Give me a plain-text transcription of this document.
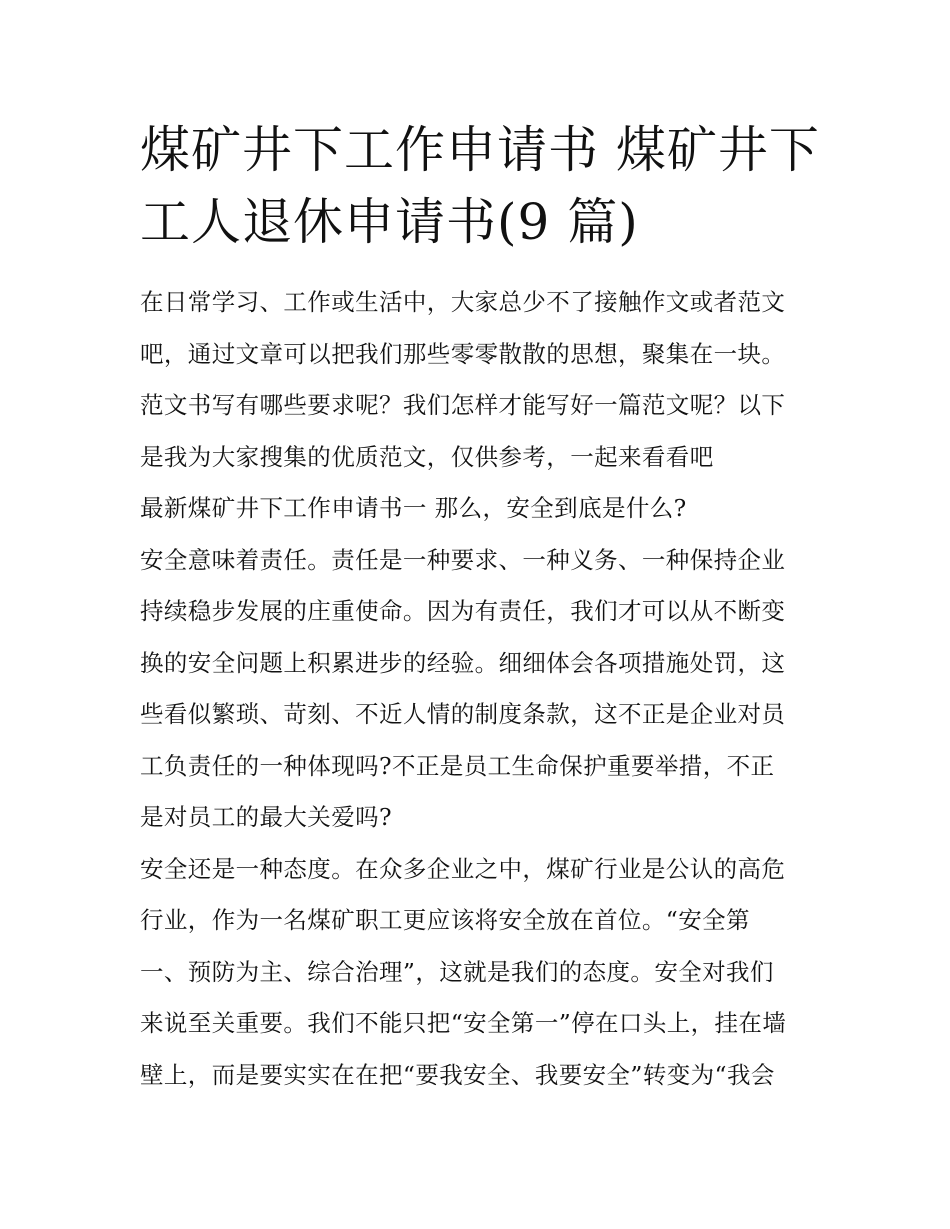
煤矿井下工作申请书 煤矿井下
工人退休申请书(9 篇)
在日常学习、工作或生活中，大家总少不了接触作文或者范文
吧，通过文章可以把我们那些零零散散的思想，聚集在一块。
范文书写有哪些要求呢？我们怎样才能写好一篇范文呢？以下
是我为大家搜集的优质范文，仅供参考，一起来看看吧
最新煤矿井下工作申请书一 那么，安全到底是什么?
安全意味着责任。责任是一种要求、一种义务、一种保持企业
持续稳步发展的庄重使命。因为有责任，我们才可以从不断变
换的安全问题上积累进步的经验。细细体会各项措施处罚，这
些看似繁琐、苛刻、不近人情的制度条款，这不正是企业对员
工负责任的一种体现吗?不正是员工生命保护重要举措，不正
是对员工的最大关爱吗?
安全还是一种态度。在众多企业之中，煤矿行业是公认的高危
行业，作为一名煤矿职工更应该将安全放在首位。“安全第
一、预防为主、综合治理”，这就是我们的态度。安全对我们
来说至关重要。我们不能只把“安全第一”停在口头上，挂在墙
壁上，而是要实实在在把“要我安全、我要安全”转变为“我会
